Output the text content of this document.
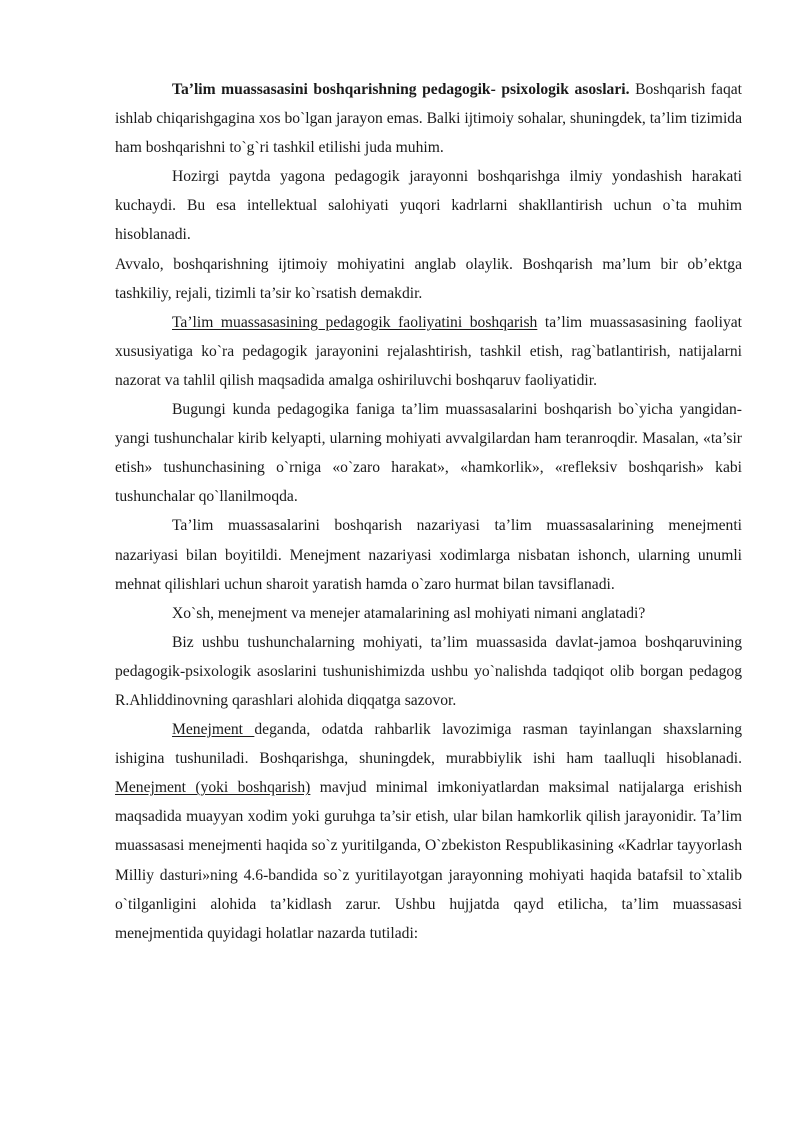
Ta’lim muassasasini boshqarishning pedagogik- psixologik asoslari. Boshqarish faqat ishlab chiqarishgagina xos bo`lgan jarayon emas. Balki ijtimoiy sohalar, shuningdek, ta’lim tizimida ham boshqarishni to`g`ri tashkil etilishi juda muhim.

Hozirgi paytda yagona pedagogik jarayonni boshqarishga ilmiy yondashish harakati kuchaydi. Bu esa intellektual salohiyati yuqori kadrlarni shakllantirish uchun o`ta muhim hisoblanadi.

Avvalo, boshqarishning ijtimoiy mohiyatini anglab olaylik. Boshqarish ma’lum bir ob’ektga tashkiliy, rejali, tizimli ta’sir ko`rsatish demakdir.

Ta’lim muassasasining pedagogik faoliyatini boshqarish ta’lim muassasasining faoliyat xususiyatiga ko`ra pedagogik jarayonini rejalashtirish, tashkil etish, rag`batlantirish, natijalarni nazorat va tahlil qilish maqsadida amalga oshiriluvchi boshqaruv faoliyatidir.

Bugungi kunda pedagogika faniga ta’lim muassasalarini boshqarish bo`yicha yangidan-yangi tushunchalar kirib kelyapti, ularning mohiyati avvalgilardan ham teranroqdir. Masalan, «ta’sir etish» tushunchasining o`rniga «o`zaro harakat», «hamkorlik», «refleksiv boshqarish» kabi tushunchalar qo`llanilmoqda.

Ta’lim muassasalarini boshqarish nazariyasi ta’lim muassasalarining menejmenti nazariyasi bilan boyitildi. Menejment nazariyasi xodimlarga nisbatan ishonch, ularning unumli mehnat qilishlari uchun sharoit yaratish hamda o`zaro hurmat bilan tavsiflanadi.

Xo`sh, menejment va menejer atamalarining asl mohiyati nimani anglatadi?

Biz ushbu tushunchalarning mohiyati, ta’lim muassasida davlat-jamoa boshqaruvining pedagogik-psixologik asoslarini tushunishimizda ushbu yo`nalishda tadqiqot olib borgan pedagog R.Ahliddinovning qarashlari alohida diqqatga sazovor.

Menejment deganda, odatda rahbarlik lavozimiga rasman tayinlangan shaxslarning ishigina tushuniladi. Boshqarishga, shuningdek, murabbiylik ishi ham taalluqli hisoblanadi. Menejment (yoki boshqarish) mavjud minimal imkoniyatlardan maksimal natijalarga erishish maqsadida muayyan xodim yoki guruhga ta’sir etish, ular bilan hamkorlik qilish jarayonidir. Ta’lim muassasasi menejmenti haqida so`z yuritilganda, O`zbekiston Respublikasining «Kadrlar tayyorlash Milliy dasturi»ning 4.6-bandida so`z yuritilayotgan jarayonning mohiyati haqida batafsil to`xtalib o`tilganligini alohida ta’kidlash zarur. Ushbu hujjatda qayd etilicha, ta’lim muassasasi menejmentida quyidagi holatlar nazarda tutiladi:
